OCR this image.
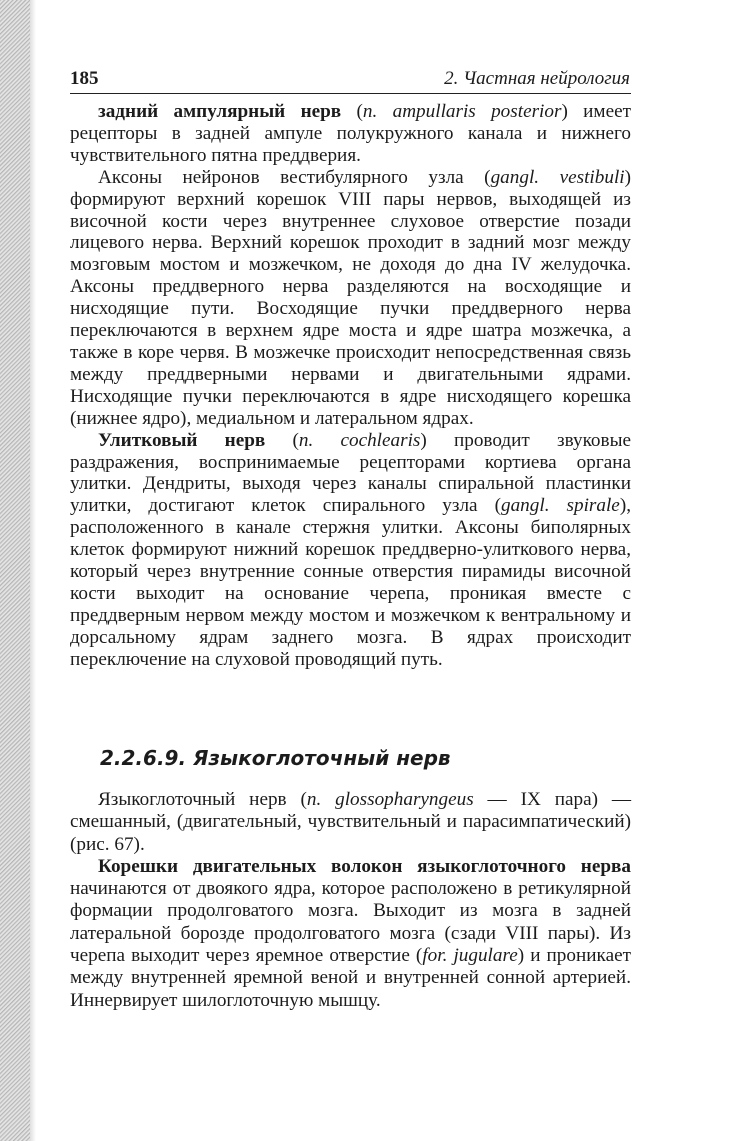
185	2. Частная нейрология

задний ампулярный нерв (n. ampullaris posterior) имеет рецепторы в задней ампуле полукружного канала и нижнего чувствительного пятна преддверия.

Аксоны нейронов вестибулярного узла (gangl. vestibuli) формируют верхний корешок VIII пары нервов, выходящей из височной кости через внутреннее слуховое отверстие позади лицевого нерва. Верхний корешок проходит в задний мозг между мозговым мостом и мозжечком, не доходя до дна IV желудочка. Аксоны преддверного нерва разделяются на восходящие и нисходящие пути. Восходящие пучки преддверного нерва переключаются в верхнем ядре моста и ядре шатра мозжечка, а также в коре червя. В мозжечке происходит непосредственная связь между преддверными нервами и двигательными ядрами. Нисходящие пучки переключаются в ядре нисходящего корешка (нижнее ядро), медиальном и латеральном ядрах.

Улитковый нерв (n. cochlearis) проводит звуковые раздражения, воспринимаемые рецепторами кортиева органа улитки. Дендриты, выходя через каналы спиральной пластинки улитки, достигают клеток спирального узла (gangl. spirale), расположенного в канале стержня улитки. Аксоны биполярных клеток формируют нижний корешок преддверно-улиткового нерва, который через внутренние сонные отверстия пирамиды височной кости выходит на основание черепа, проникая вместе с преддверным нервом между мостом и мозжечком к вентральному и дорсальному ядрам заднего мозга. В ядрах происходит переключение на слуховой проводящий путь.

2.2.6.9. Языкоглоточный нерв

Языкоглоточный нерв (n. glossopharyngeus — IX пара) — смешанный, (двигательный, чувствительный и парасимпатический) (рис. 67).

Корешки двигательных волокон языкоглоточного нерва начинаются от двоякого ядра, которое расположено в ретикулярной формации продолговатого мозга. Выходит из мозга в задней латеральной борозде продолговатого мозга (сзади VIII пары). Из черепа выходит через яремное отверстие (for. jugulare) и проникает между внутренней яремной веной и внутренней сонной артерией. Иннервирует шилоглоточную мышцу.
